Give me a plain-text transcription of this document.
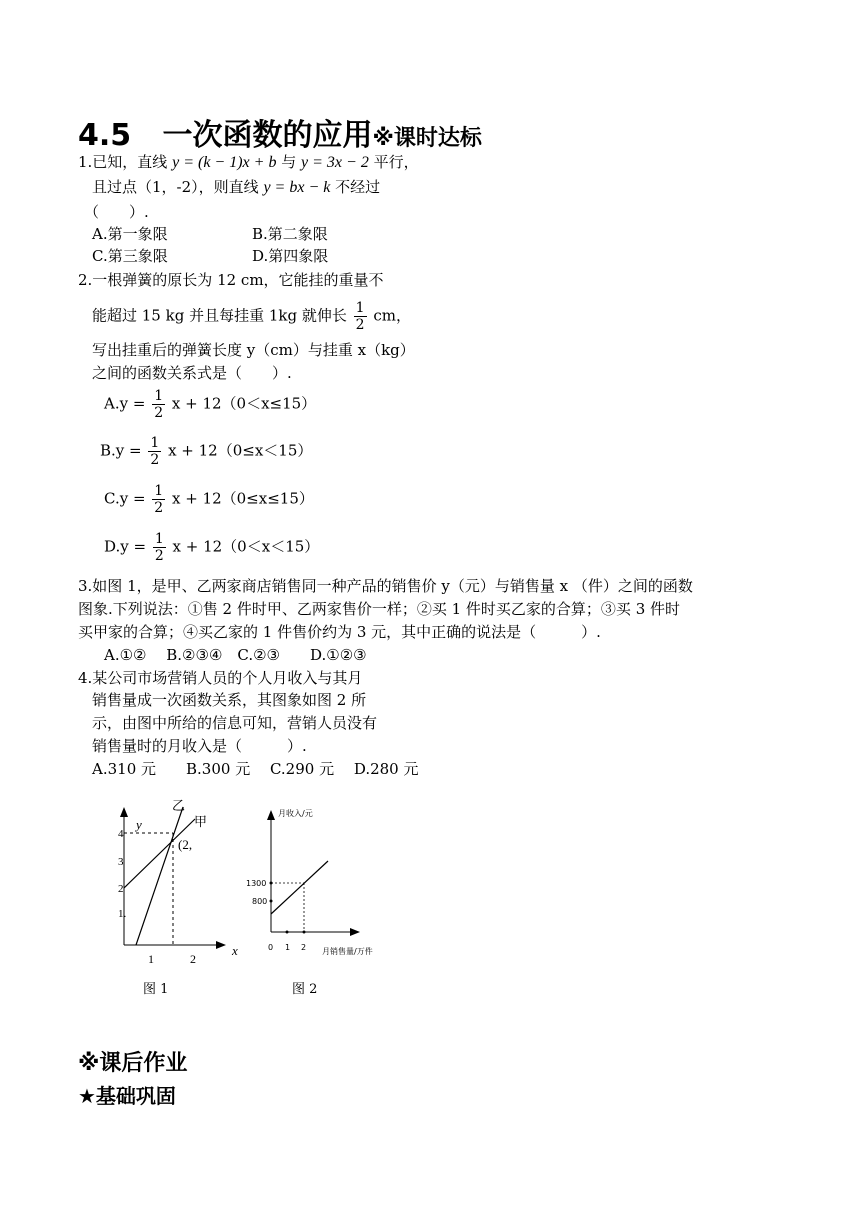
4.5 一次函数的应用※课时达标
1.已知，直线 y = (k − 1)x + b 与 y = 3x − 2 平行，
且过点（1，-2），则直线 y = bx − k 不经过
（　　）.
A.第一象限	B.第二象限
C.第三象限	D.第四象限
2.一根弹簧的原长为 12 cm，它能挂的重量不
能超过 15 kg 并且每挂重 1kg 就伸长 $\frac{1}{2}$ cm，
写出挂重后的弹簧长度 y（cm）与挂重 x（kg）
之间的函数关系式是（　　）.
$A.y = \frac{1}{2}$ x + 12（0＜x≤15）
$B.y = \frac{1}{2}$ x + 12（0≤x＜15）
$C.y = \frac{1}{2}$ x + 12（0≤x≤15）
$D.y = \frac{1}{2}$ x + 12（0＜x＜15）
3.如图 1，是甲、乙两家商店销售同一种产品的销售价 y（元）与销售量 x （件）之间的函数
图象.下列说法：①售 2 件时甲、乙两家售价一样；②买 1 件时买乙家的合算；③买 3 件时
买甲家的合算；④买乙家的 1 件售价约为 3 元，其中正确的说法是（　　　）.
A.①②　 B.②③④　C.②③　　D.①②③
4.某公司市场营销人员的个人月收入与其月
销售量成一次函数关系，其图象如图 2 所
示，由图中所给的信息可知，营销人员没有
销售量时的月收入是（　　　）.
A.310 元　　B.300 元　 C.290 元　 D.280 元
y
x
乙
甲
(2,
4
3
2
1.
1	2
图 1
月收入/元
月销售量/万件
1300
800
0 1 2
图 2
※课后作业
★基础巩固
